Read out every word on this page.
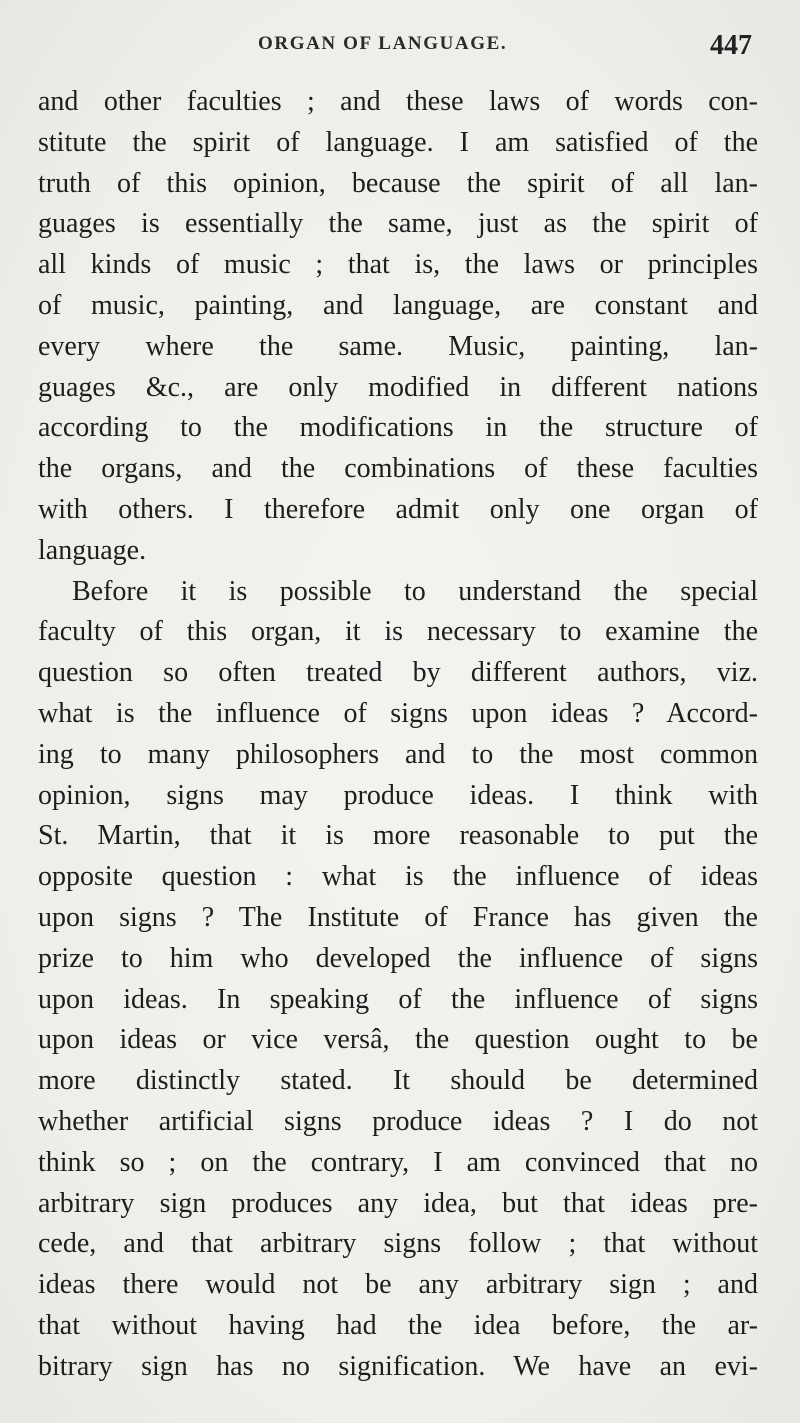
ORGAN OF LANGUAGE.	447
and other faculties ; and these laws of words con-
stitute the spirit of language. I am satisfied of the
truth of this opinion, because the spirit of all lan-
guages is essentially the same, just as the spirit of
all kinds of music ; that is, the laws or principles
of music, painting, and language, are constant and
every where the same. Music, painting, lan-
guages &c., are only modified in different nations
according to the modifications in the structure of
the organs, and the combinations of these faculties
with others. I therefore admit only one organ of
language.
Before it is possible to understand the special
faculty of this organ, it is necessary to examine the
question so often treated by different authors, viz.
what is the influence of signs upon ideas ? Accord-
ing to many philosophers and to the most common
opinion, signs may produce ideas. I think with
St. Martin, that it is more reasonable to put the
opposite question : what is the influence of ideas
upon signs ? The Institute of France has given the
prize to him who developed the influence of signs
upon ideas. In speaking of the influence of signs
upon ideas or vice versâ, the question ought to be
more distinctly stated. It should be determined
whether artificial signs produce ideas ? I do not
think so ; on the contrary, I am convinced that no
arbitrary sign produces any idea, but that ideas pre-
cede, and that arbitrary signs follow ; that without
ideas there would not be any arbitrary sign ; and
that without having had the idea before, the ar-
bitrary sign has no signification. We have an evi-
